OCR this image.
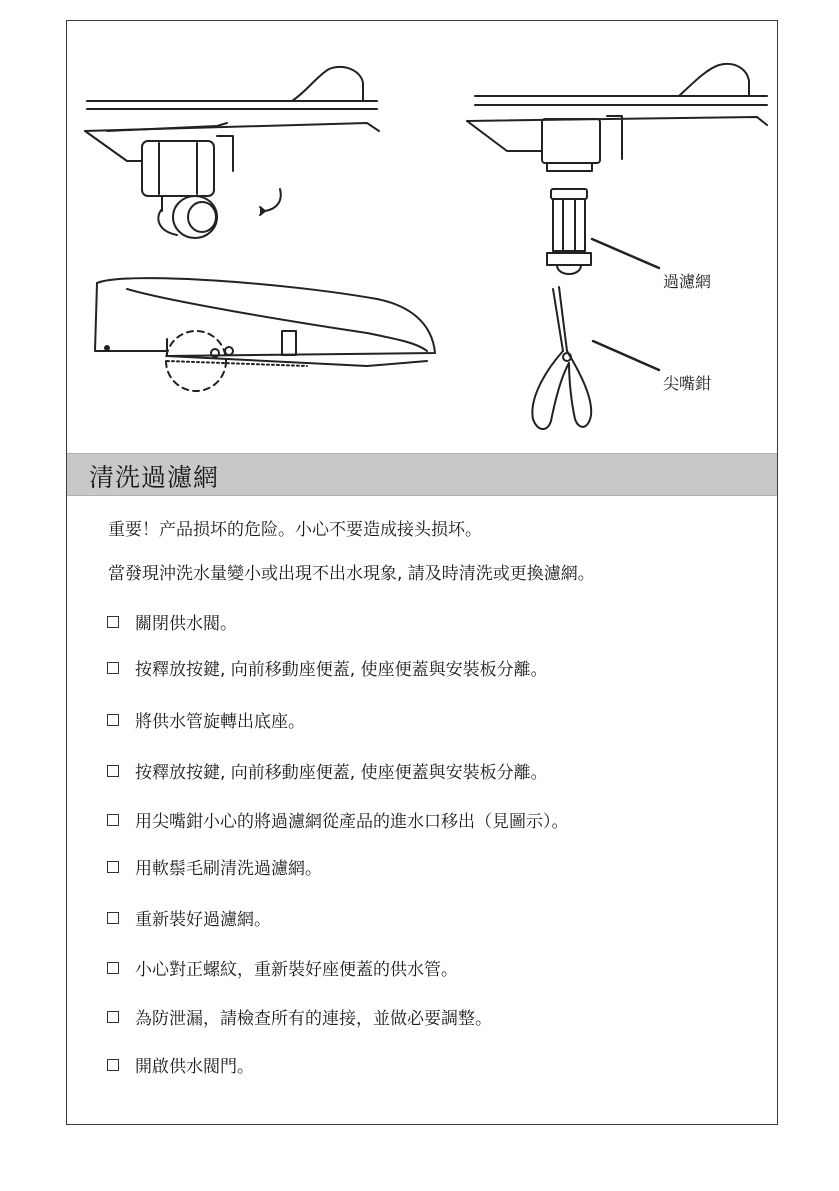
過濾網
尖嘴鉗
清洗過濾網
重要！产品损坏的危险。小心不要造成接头损坏。
當發現沖洗水量變小或出現不出水現象, 請及時清洗或更換濾網。
關閉供水閥。
按釋放按鍵, 向前移動座便蓋, 使座便蓋與安裝板分離。
將供水管旋轉出底座。
按釋放按鍵, 向前移動座便蓋, 使座便蓋與安裝板分離。
用尖嘴鉗小心的將過濾網從產品的進水口移出（見圖示）。
用軟鬃毛刷清洗過濾網。
重新裝好過濾網。
小心對正螺紋，重新裝好座便蓋的供水管。
為防泄漏，請檢查所有的連接，並做必要調整。
開啟供水閥門。
